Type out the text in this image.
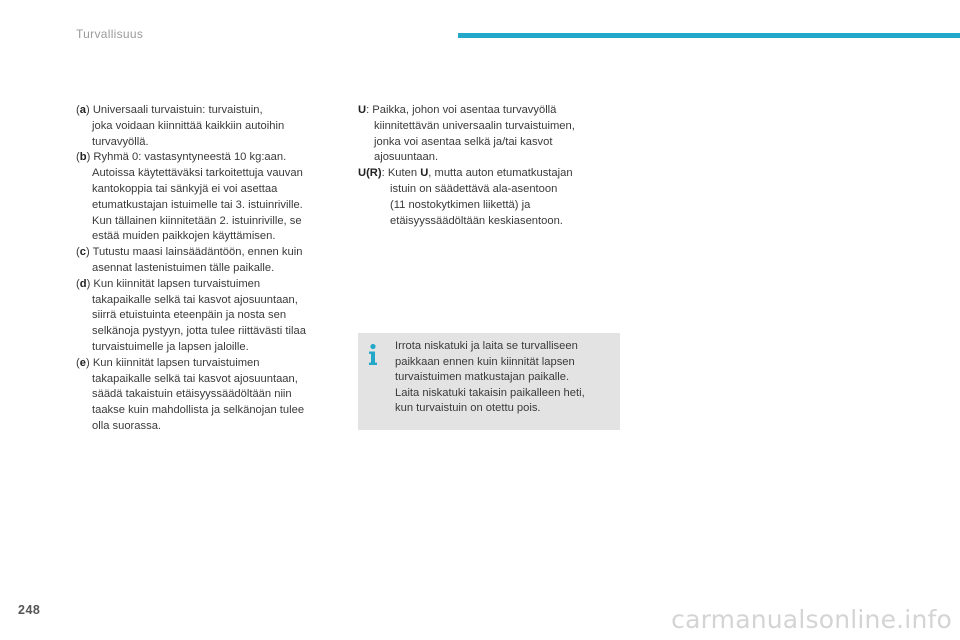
Turvallisuus
(a) Universaali turvaistuin: turvaistuin,
joka voidaan kiinnittää kaikkiin autoihin
turvavyöllä.
(b) Ryhmä 0: vastasyntyneestä 10 kg:aan.
Autoissa käytettäväksi tarkoitettuja vauvan
kantokoppia tai sänkyjä ei voi asettaa
etumatkustajan istuimelle tai 3. istuinriville.
Kun tällainen kiinnitetään 2. istuinriville, se
estää muiden paikkojen käyttämisen.
(c) Tutustu maasi lainsäädäntöön, ennen kuin
asennat lastenistuimen tälle paikalle.
(d) Kun kiinnität lapsen turvaistuimen
takapaikalle selkä tai kasvot ajosuuntaan,
siirrä etuistuinta eteenpäin ja nosta sen
selkänoja pystyyn, jotta tulee riittävästi tilaa
turvaistuimelle ja lapsen jaloille.
(e) Kun kiinnität lapsen turvaistuimen
takapaikalle selkä tai kasvot ajosuuntaan,
säädä takaistuin etäisyyssäädöltään niin
taakse kuin mahdollista ja selkänojan tulee
olla suorassa.
U: Paikka, johon voi asentaa turvavyöllä
kiinnitettävän universaalin turvaistuimen,
jonka voi asentaa selkä ja/tai kasvot
ajosuuntaan.
U(R): Kuten U, mutta auton etumatkustajan
istuin on säädettävä ala-asentoon
(11 nostokytkimen liikettä) ja
etäisyyssäädöltään keskiasentoon.
Irrota niskatuki ja laita se turvalliseen
paikkaan ennen kuin kiinnität lapsen
turvaistuimen matkustajan paikalle.
Laita niskatuki takaisin paikalleen heti,
kun turvaistuin on otettu pois.
248	carmanualsonline.info
